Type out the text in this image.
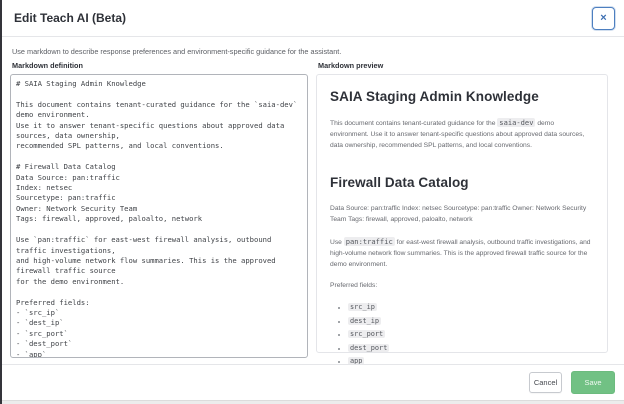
Edit Teach AI (Beta)	×
Use markdown to describe response preferences and environment-specific guidance for the assistant.
Markdown definition	Markdown preview
# SAIA Staging Admin Knowledge This document contains tenant-curated guidance for the `saia-dev` demo environment. Use it to answer tenant-specific questions about approved data sources, data ownership, recommended SPL patterns, and local conventions. # Firewall Data Catalog Data Source: pan:traffic Index: netsec Sourcetype: pan:traffic Owner: Network Security Team Tags: firewall, approved, paloalto, network Use `pan:traffic` for east-west firewall analysis, outbound traffic investigations, and high-volume network flow summaries. This is the approved firewall traffic source for the demo environment. Preferred fields: - `src_ip` - `dest_ip` - `src_port` - `dest_port` - `app`
SAIA Staging Admin Knowledge

This document contains tenant-curated guidance for the saia-dev demo environment. Use it to answer tenant-specific questions about approved data sources, data ownership, recommended SPL patterns, and local conventions.

Firewall Data Catalog

Data Source: pan:traffic Index: netsec Sourcetype: pan:traffic Owner: Network Security Team Tags: firewall, approved, paloalto, network

Use pan:traffic for east-west firewall analysis, outbound traffic investigations, and high-volume network flow summaries. This is the approved firewall traffic source for the demo environment.

Preferred fields:

• src_ip
• dest_ip
• src_port
• dest_port
• app
Cancel	Save
